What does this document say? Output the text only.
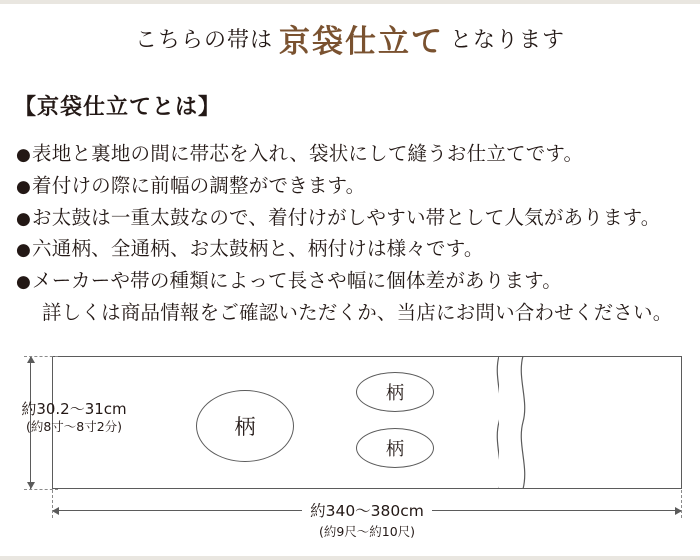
こちらの帯は 京袋仕立て となります
【京袋仕立てとは】
●表地と裏地の間に帯芯を入れ、袋状にして縫うお仕立てです。
●着付けの際に前幅の調整ができます。
●お太鼓は一重太鼓なので、着付けがしやすい帯として人気があります。
●六通柄、全通柄、お太鼓柄と、柄付けは様々です。
●メーカーや帯の種類によって長さや幅に個体差があります。
詳しくは商品情報をご確認いただくか、当店にお問い合わせください。
柄
柄
柄
約30.2〜31cm
(約8寸〜8寸2分)
約340〜380cm
(約9尺〜約10尺)
